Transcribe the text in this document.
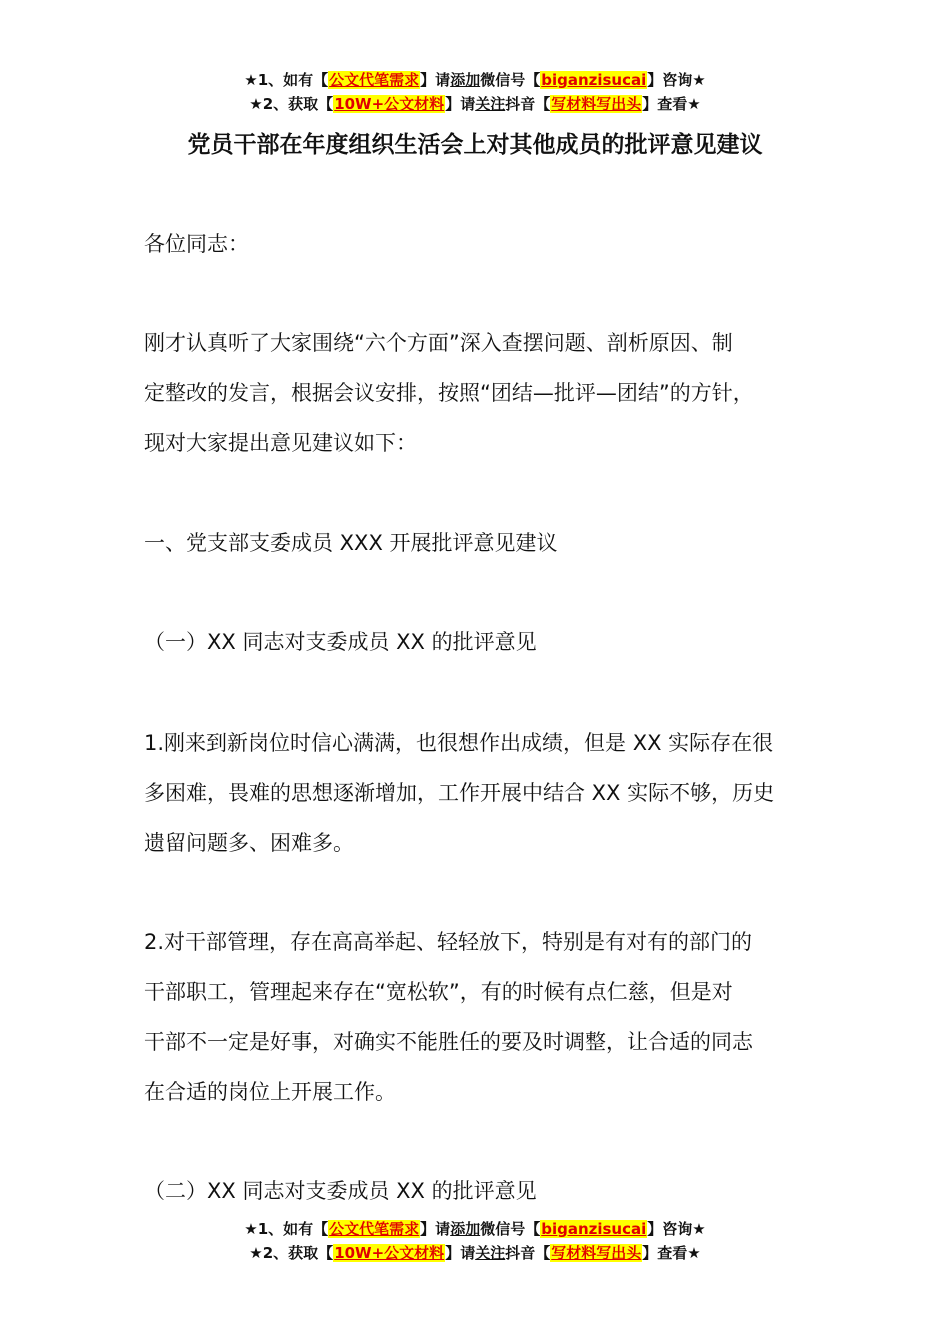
★1、如有【公文代笔需求】请添加微信号【biganzisucai】咨询★
★2、获取【10W+公文材料】请关注抖音【写材料写出头】查看★
党员干部在年度组织生活会上对其他成员的批评意见建议
各位同志：

刚才认真听了大家围绕“六个方面”深入查摆问题、剖析原因、制

定整改的发言，根据会议安排，按照“团结—批评—团结”的方针，

现对大家提出意见建议如下：

一、党支部支委成员 XXX 开展批评意见建议
（一）XX 同志对支委成员 XX 的批评意见

1.刚来到新岗位时信心满满，也很想作出成绩，但是 XX 实际存在很

多困难，畏难的思想逐渐增加，工作开展中结合 XX 实际不够，历史

遗留问题多、困难多。

2.对干部管理，存在高高举起、轻轻放下，特别是有对有的部门的

干部职工，管理起来存在“宽松软”，有的时候有点仁慈，但是对

干部不一定是好事，对确实不能胜任的要及时调整，让合适的同志

在合适的岗位上开展工作。

（二）XX 同志对支委成员 XX 的批评意见
★1、如有【公文代笔需求】请添加微信号【biganzisucai】咨询★
★2、获取【10W+公文材料】请关注抖音【写材料写出头】查看★
